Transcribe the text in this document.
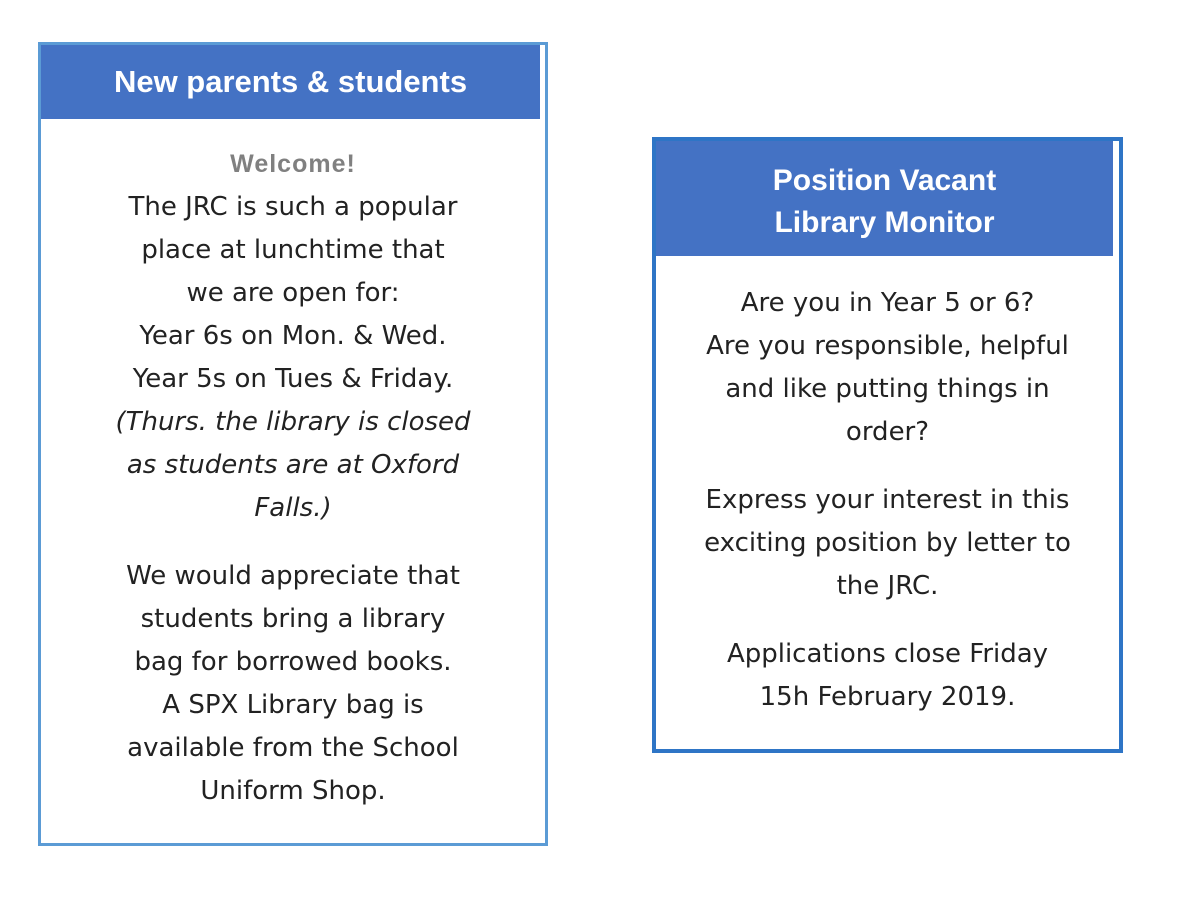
New parents & students
Welcome!
The JRC is such a popular
place at lunchtime that
we are open for:
Year 6s on Mon. & Wed.
Year 5s on Tues & Friday.
(Thurs. the library is closed
as students are at Oxford
Falls.)
We would appreciate that
students bring a library
bag for borrowed books.
A SPX Library bag is
available from the School
Uniform Shop.
Position Vacant
Library Monitor
Are you in Year 5 or 6?
Are you responsible, helpful
and like putting things in
order?
Express your interest in this
exciting position by letter to
the JRC.
Applications close Friday
15h February 2019.
